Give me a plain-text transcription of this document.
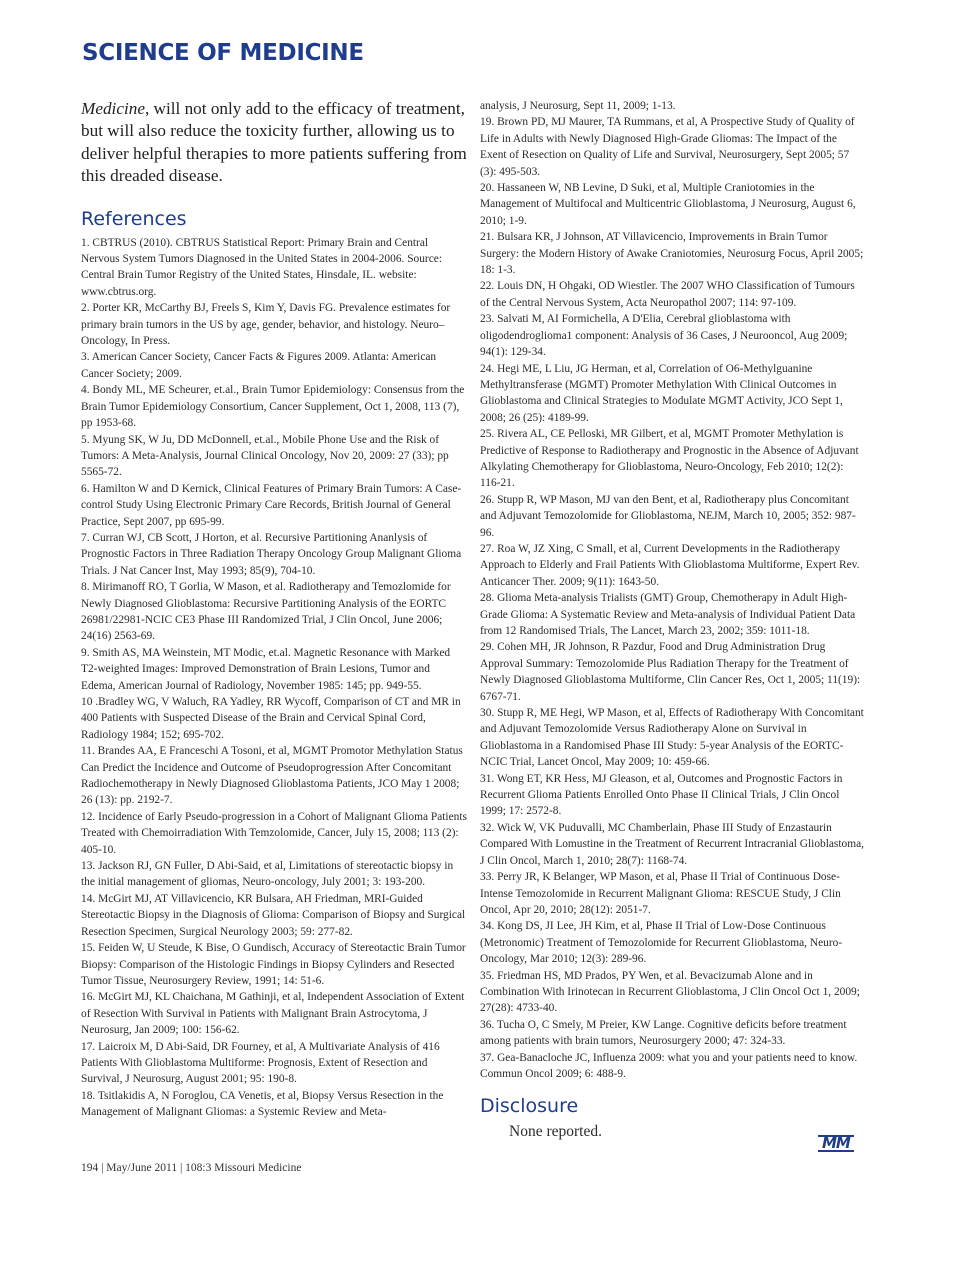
SCIENCE OF MEDICINE

Medicine, will not only add to the efficacy of treatment, but will also reduce the toxicity further, allowing us to deliver helpful therapies to more patients suffering from this dreaded disease.

References
1. CBTRUS (2010). CBTRUS Statistical Report: Primary Brain and Central Nervous System Tumors Diagnosed in the United States in 2004-2006. Source: Central Brain Tumor Registry of the United States, Hinsdale, IL. website: www.cbtrus.org.
2. Porter KR, McCarthy BJ, Freels S, Kim Y, Davis FG. Prevalence estimates for primary brain tumors in the US by age, gender, behavior, and histology. Neuro–Oncology, In Press.
3. American Cancer Society, Cancer Facts & Figures 2009. Atlanta: American Cancer Society; 2009.
4. Bondy ML, ME Scheurer, et.al., Brain Tumor Epidemiology: Consensus from the Brain Tumor Epidemiology Consortium, Cancer Supplement, Oct 1, 2008, 113 (7), pp 1953-68.
5. Myung SK, W Ju, DD McDonnell, et.al., Mobile Phone Use and the Risk of Tumors: A Meta-Analysis, Journal Clinical Oncology, Nov 20, 2009: 27 (33); pp 5565-72.
6. Hamilton W and D Kernick, Clinical Features of Primary Brain Tumors: A Case-control Study Using Electronic Primary Care Records, British Journal of General Practice, Sept 2007, pp 695-99.
7. Curran WJ, CB Scott, J Horton, et al. Recursive Partitioning Ananlysis of Prognostic Factors in Three Radiation Therapy Oncology Group Malignant Glioma Trials. J Nat Cancer Inst, May 1993; 85(9), 704-10.
8. Mirimanoff RO, T Gorlia, W Mason, et al. Radiotherapy and Temozlomide for Newly Diagnosed Glioblastoma: Recursive Partitioning Analysis of the EORTC 26981/22981-NCIC CE3 Phase III Randomized Trial, J Clin Oncol, June 2006; 24(16) 2563-69.
9. Smith AS, MA Weinstein, MT Modic, et.al. Magnetic Resonance with Marked T2-weighted Images: Improved Demonstration of Brain Lesions, Tumor and Edema, American Journal of Radiology, November 1985: 145; pp. 949-55.
10 .Bradley WG, V Waluch, RA Yadley, RR Wycoff, Comparison of CT and MR in 400 Patients with Suspected Disease of the Brain and Cervical Spinal Cord, Radiology 1984; 152; 695-702.
11. Brandes AA, E Franceschi A Tosoni, et al, MGMT Promotor Methylation Status Can Predict the Incidence and Outcome of Pseudoprogression After Concomitant Radiochemotherapy in Newly Diagnosed Glioblastoma Patients, JCO May 1 2008; 26 (13): pp. 2192-7.
12. Incidence of Early Pseudo-progression in a Cohort of Malignant Glioma Patients Treated with Chemoirradiation With Temzolomide, Cancer, July 15, 2008; 113 (2): 405-10.
13. Jackson RJ, GN Fuller, D Abi-Said, et al, Limitations of stereotactic biopsy in the initial management of gliomas, Neuro-oncology, July 2001; 3: 193-200.
14. McGirt MJ, AT Villavicencio, KR Bulsara, AH Friedman, MRI-Guided Stereotactic Biopsy in the Diagnosis of Glioma: Comparison of Biopsy and Surgical Resection Specimen, Surgical Neurology 2003; 59: 277-82.
15. Feiden W, U Steude, K Bise, O Gundisch, Accuracy of Stereotactic Brain Tumor Biopsy: Comparison of the Histologic Findings in Biopsy Cylinders and Resected Tumor Tissue, Neurosurgery Review, 1991; 14: 51-6.
16. McGirt MJ, KL Chaichana, M Gathinji, et al, Independent Association of Extent of Resection With Survival in Patients with Malignant Brain Astrocytoma, J Neurosurg, Jan 2009; 100: 156-62.
17. Laicroix M, D Abi-Said, DR Fourney, et al, A Multivariate Analysis of 416 Patients With Glioblastoma Multiforme: Prognosis, Extent of Resection and Survival, J Neurosurg, August 2001; 95: 190-8.
18. Tsitlakidis A, N Foroglou, CA Venetis, et al, Biopsy Versus Resection in the Management of Malignant Gliomas: a Systemic Review and Meta-
analysis, J Neurosurg, Sept 11, 2009; 1-13.
19. Brown PD, MJ Maurer, TA Rummans, et al, A Prospective Study of Quality of Life in Adults with Newly Diagnosed High-Grade Gliomas: The Impact of the Exent of Resection on Quality of Life and Survival, Neurosurgery, Sept 2005; 57 (3): 495-503.
20. Hassaneen W, NB Levine, D Suki, et al, Multiple Craniotomies in the Management of Multifocal and Multicentric Glioblastoma, J Neurosurg, August 6, 2010; 1-9.
21. Bulsara KR, J Johnson, AT Villavicencio, Improvements in Brain Tumor Surgery: the Modern History of Awake Craniotomies, Neurosurg Focus, April 2005; 18: 1-3.
22. Louis DN, H Ohgaki, OD Wiestler. The 2007 WHO Classification of Tumours of the Central Nervous System, Acta Neuropathol 2007; 114: 97-109.
23. Salvati M, AI Formichella, A D'Elia, Cerebral glioblastoma with oligodendroglioma1 component: Analysis of 36 Cases, J Neurooncol, Aug 2009; 94(1): 129-34.
24. Hegi ME, L Liu, JG Herman, et al, Correlation of O6-Methylguanine Methyltransferase (MGMT) Promoter Methylation With Clinical Outcomes in Glioblastoma and Clinical Strategies to Modulate MGMT Activity, JCO Sept 1, 2008; 26 (25): 4189-99.
25. Rivera AL, CE Pelloski, MR Gilbert, et al, MGMT Promoter Methylation is Predictive of Response to Radiotherapy and Prognostic in the Absence of Adjuvant Alkylating Chemotherapy for Glioblastoma, Neuro-Oncology, Feb 2010; 12(2): 116-21.
26. Stupp R, WP Mason, MJ van den Bent, et al, Radiotherapy plus Concomitant and Adjuvant Temozolomide for Glioblastoma, NEJM, March 10, 2005; 352: 987-96.
27. Roa W, JZ Xing, C Small, et al, Current Developments in the Radiotherapy Approach to Elderly and Frail Patients With Glioblastoma Multiforme, Expert Rev. Anticancer Ther. 2009; 9(11): 1643-50.
28. Glioma Meta-analysis Trialists (GMT) Group, Chemotherapy in Adult High-Grade Glioma: A Systematic Review and Meta-analysis of Individual Patient Data from 12 Randomised Trials, The Lancet, March 23, 2002; 359: 1011-18.
29. Cohen MH, JR Johnson, R Pazdur, Food and Drug Administration Drug Approval Summary: Temozolomide Plus Radiation Therapy for the Treatment of Newly Diagnosed Glioblastoma Multiforme, Clin Cancer Res, Oct 1, 2005; 11(19): 6767-71.
30. Stupp R, ME Hegi, WP Mason, et al, Effects of Radiotherapy With Concomitant and Adjuvant Temozolomide Versus Radiotherapy Alone on Survival in Glioblastoma in a Randomised Phase III Study: 5-year Analysis of the EORTC-NCIC Trial, Lancet Oncol, May 2009; 10: 459-66.
31. Wong ET, KR Hess, MJ Gleason, et al, Outcomes and Prognostic Factors in Recurrent Glioma Patients Enrolled Onto Phase II Clinical Trials, J Clin Oncol 1999; 17: 2572-8.
32. Wick W, VK Puduvalli, MC Chamberlain, Phase III Study of Enzastaurin Compared With Lomustine in the Treatment of Recurrent Intracranial Glioblastoma, J Clin Oncol, March 1, 2010; 28(7): 1168-74.
33. Perry JR, K Belanger, WP Mason, et al, Phase II Trial of Continuous Dose-Intense Temozolomide in Recurrent Malignant Glioma: RESCUE Study, J Clin Oncol, Apr 20, 2010; 28(12): 2051-7.
34. Kong DS, JI Lee, JH Kim, et al, Phase II Trial of Low-Dose Continuous (Metronomic) Treatment of Temozolomide for Recurrent Glioblastoma, Neuro-Oncology, Mar 2010; 12(3): 289-96.
35. Friedman HS, MD Prados, PY Wen, et al. Bevacizumab Alone and in Combination With Irinotecan in Recurrent Glioblastoma, J Clin Oncol Oct 1, 2009; 27(28): 4733-40.
36. Tucha O, C Smely, M Preier, KW Lange. Cognitive deficits before treatment among patients with brain tumors, Neurosurgery 2000; 47: 324-33.
37. Gea-Banacloche JC, Influenza 2009: what you and your patients need to know. Commun Oncol 2009; 6: 488-9.
Disclosure
None reported.
MM
194 | May/June 2011 | 108:3 Missouri Medicine
